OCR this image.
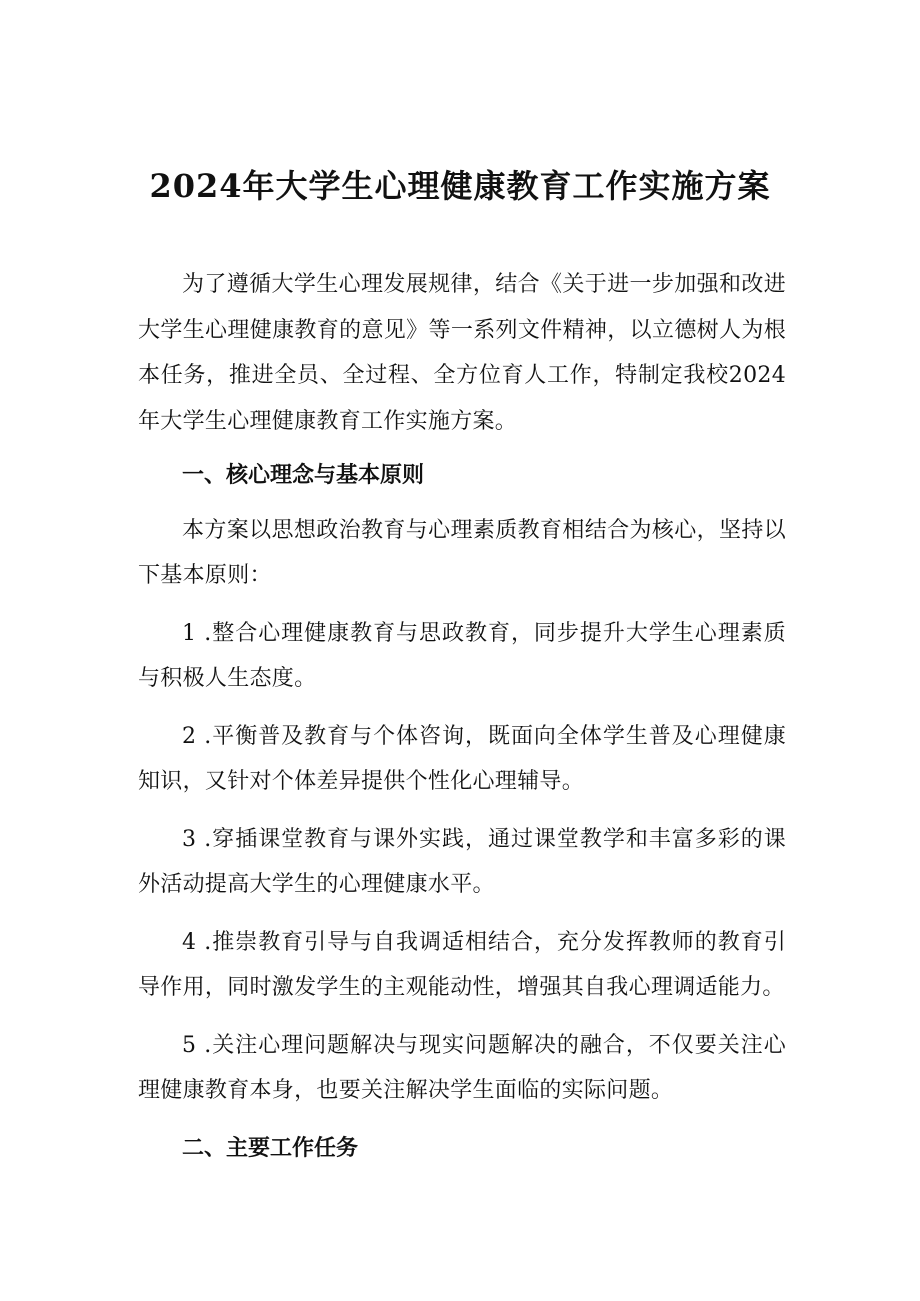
2024年大学生心理健康教育工作实施方案

为了遵循大学生心理发展规律，结合《关于进一步加强和改进大学生心理健康教育的意见》等一系列文件精神，以立德树人为根本任务，推进全员、全过程、全方位育人工作，特制定我校2024年大学生心理健康教育工作实施方案。

一、核心理念与基本原则

本方案以思想政治教育与心理素质教育相结合为核心，坚持以下基本原则：

1 .整合心理健康教育与思政教育，同步提升大学生心理素质与积极人生态度。

2 .平衡普及教育与个体咨询，既面向全体学生普及心理健康知识，又针对个体差异提供个性化心理辅导。

3 .穿插课堂教育与课外实践，通过课堂教学和丰富多彩的课外活动提高大学生的心理健康水平。

4 .推崇教育引导与自我调适相结合，充分发挥教师的教育引导作用，同时激发学生的主观能动性，增强其自我心理调适能力。

5 .关注心理问题解决与现实问题解决的融合，不仅要关注心理健康教育本身，也要关注解决学生面临的实际问题。

二、主要工作任务
